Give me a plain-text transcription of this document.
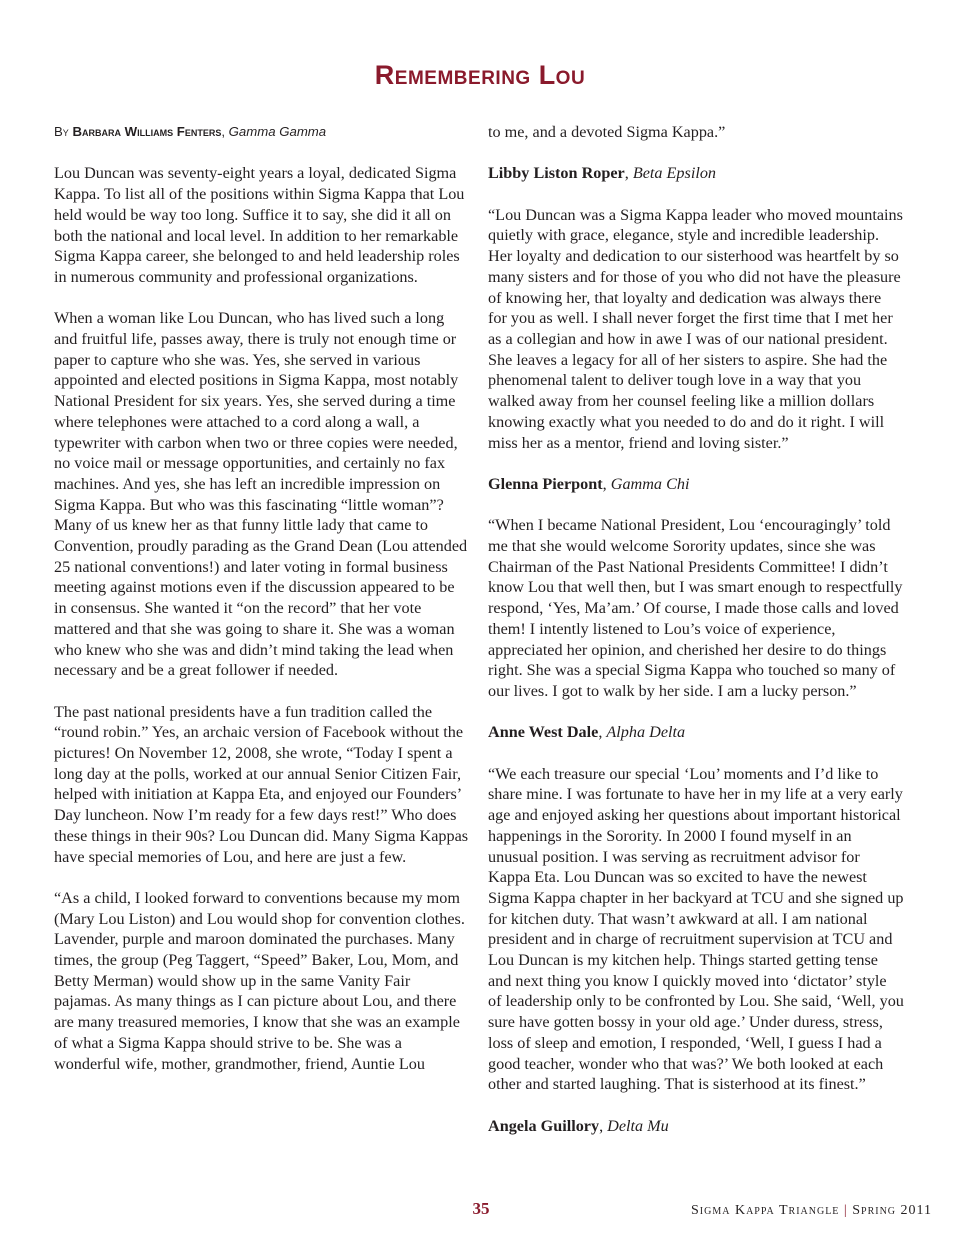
Remembering Lou
By Barbara Williams Fenters, Gamma Gamma

Lou Duncan was seventy-eight years a loyal, dedicated Sigma Kappa. To list all of the positions within Sigma Kappa that Lou held would be way too long. Suffice it to say, she did it all on both the national and local level. In addition to her remarkable Sigma Kappa career, she belonged to and held leadership roles in numerous community and professional organizations.

When a woman like Lou Duncan, who has lived such a long and fruitful life, passes away, there is truly not enough time or paper to capture who she was. Yes, she served in various appointed and elected positions in Sigma Kappa, most notably National President for six years. Yes, she served during a time where telephones were attached to a cord along a wall, a typewriter with carbon when two or three copies were needed, no voice mail or message opportunities, and certainly no fax machines. And yes, she has left an incredible impression on Sigma Kappa. But who was this fascinating “little woman”? Many of us knew her as that funny little lady that came to Convention, proudly parading as the Grand Dean (Lou attended 25 national conventions!) and later voting in formal business meeting against motions even if the discussion appeared to be in consensus. She wanted it “on the record” that her vote mattered and that she was going to share it. She was a woman who knew who she was and didn’t mind taking the lead when necessary and be a great follower if needed.

The past national presidents have a fun tradition called the “round robin.” Yes, an archaic version of Facebook without the pictures! On November 12, 2008, she wrote, “Today I spent a long day at the polls, worked at our annual Senior Citizen Fair, helped with initiation at Kappa Eta, and enjoyed our Founders’ Day luncheon. Now I’m ready for a few days rest!” Who does these things in their 90s? Lou Duncan did. Many Sigma Kappas have special memories of Lou, and here are just a few.

“As a child, I looked forward to conventions because my mom (Mary Lou Liston) and Lou would shop for convention clothes. Lavender, purple and maroon dominated the purchases. Many times, the group (Peg Taggert, “Speed” Baker, Lou, Mom, and Betty Merman) would show up in the same Vanity Fair pajamas. As many things as I can picture about Lou, and there are many treasured memories, I know that she was an example of what a Sigma Kappa should strive to be. She was a wonderful wife, mother, grandmother, friend, Auntie Lou

to me, and a devoted Sigma Kappa.”

Libby Liston Roper, Beta Epsilon

“Lou Duncan was a Sigma Kappa leader who moved mountains quietly with grace, elegance, style and incredible leadership. Her loyalty and dedication to our sisterhood was heartfelt by so many sisters and for those of you who did not have the pleasure of knowing her, that loyalty and dedication was always there for you as well. I shall never forget the first time that I met her as a collegian and how in awe I was of our national president. She leaves a legacy for all of her sisters to aspire. She had the phenomenal talent to deliver tough love in a way that you walked away from her counsel feeling like a million dollars knowing exactly what you needed to do and do it right. I will miss her as a mentor, friend and loving sister.”

Glenna Pierpont, Gamma Chi

“When I became National President, Lou ‘encouragingly’ told me that she would welcome Sorority updates, since she was Chairman of the Past National Presidents Committee! I didn’t know Lou that well then, but I was smart enough to respectfully respond, ‘Yes, Ma’am.’ Of course, I made those calls and loved them! I intently listened to Lou’s voice of experience, appreciated her opinion, and cherished her desire to do things right. She was a special Sigma Kappa who touched so many of our lives. I got to walk by her side. I am a lucky person.”

Anne West Dale, Alpha Delta

“We each treasure our special ‘Lou’ moments and I’d like to share mine. I was fortunate to have her in my life at a very early age and enjoyed asking her questions about important historical happenings in the Sorority. In 2000 I found myself in an unusual position. I was serving as recruitment advisor for Kappa Eta. Lou Duncan was so excited to have the newest Sigma Kappa chapter in her backyard at TCU and she signed up for kitchen duty. That wasn’t awkward at all. I am national president and in charge of recruitment supervision at TCU and Lou Duncan is my kitchen help. Things started getting tense and next thing you know I quickly moved into ‘dictator’ style of leadership only to be confronted by Lou. She said, ‘Well, you sure have gotten bossy in your old age.’ Under duress, stress, loss of sleep and emotion, I responded, ‘Well, I guess I had a good teacher, wonder who that was?’ We both looked at each other and started laughing. That is sisterhood at its finest.”

Angela Guillory, Delta Mu

35	Sigma Kappa Triangle | Spring 2011
